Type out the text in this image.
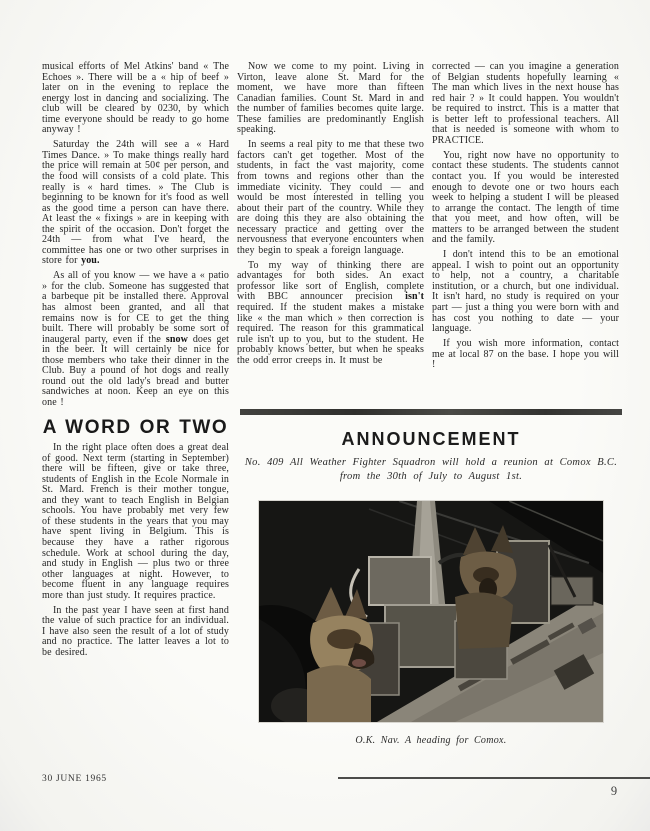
musical efforts of Mel Atkins' band « The Echoes ». There will be a « hip of beef » later on in the evening to replace the energy lost in dancing and socializing. The club will be cleared by 0230, by which time everyone should be ready to go home anyway !

Saturday the 24th will see a « Hard Times Dance. » To make things really hard the price will remain at 50¢ per person, and the food will consists of a cold plate. This really is « hard times. » The Club is beginning to be known for it's food as well as the good time a person can have there. At least the « fixings » are in keeping with the spirit of the occasion. Don't forget the 24th — from what I've heard, the committee has one or two other surprises in store for you.

As all of you know — we have a « patio » for the club. Someone has suggested that a barbeque pit be installed there. Approval has almost been granted, and all that remains now is for CE to get the thing built. There will probably be some sort of inaugeral party, even if the snow does get in the beer. It will certainly be nice for those members who take their dinner in the Club. Buy a pound of hot dogs and really round out the old lady's bread and butter sandwiches at noon. Keep an eye on this one !

A WORD OR TWO

In the right place often does a great deal of good. Next term (starting in September) there will be fifteen, give or take three, students of English in the Ecole Normale in St. Mard. French is their mother tongue, and they want to teach English in Belgian schools. You have probably met very few of these students in the years that you may have spent living in Belgium. This is because they have a rather rigorous schedule. Work at school during the day, and study in English — plus two or three other languages at night. However, to become fluent in any language requires more than just study. It requires practice.

In the past year I have seen at first hand the value of such practice for an individual. I have also seen the result of a lot of study and no practice. The latter leaves a lot to be desired.

Now we come to my point. Living in Virton, leave alone St. Mard for the moment, we have more than fifteen Canadian families. Count St. Mard in and the number of families becomes quite large. These families are predominantly English speaking.

In seems a real pity to me that these two factors can't get together. Most of the students, in fact the vast majority, come from towns and regions other than the immediate vicinity. They could — and would be most interested in telling you about their part of the country. While they are doing this they are also obtaining the necessary practice and getting over the nervousness that everyone encounters when they begin to speak a foreign language.

To my way of thinking there are advantages for both sides. An exact professor like sort of English, complete with BBC announcer precision isn't required. If the student makes a mistake like « the man which » then correction is required. The reason for this grammatical rule isn't up to you, but to the student. He probably knows better, but when he speaks the odd error creeps in. It must be

corrected — can you imagine a generation of Belgian students hopefully learning « The man which lives in the next house has red hair ? » It could happen. You wouldn't be required to instrct. This is a matter that is better left to professional teachers. All that is needed is someone with whom to PRACTICE.

You, right now have no opportunity to contact these students. The students cannot contact you. If you would be interested enough to devote one or two hours each week to helping a student I will be pleased to arrange the contact. The length of time that you meet, and how often, will be matters to be arranged between the student and the family.

I don't intend this to be an emotional appeal. I wish to point out an opportunity to help, not a country, a charitable institution, or a church, but one individual. It isn't hard, no study is required on your part — just a thing you were born with and has cost you nothing to date — your language.

If you wish more information, contact me at local 87 on the base. I hope you will !

ANNOUNCEMENT
No. 409 All Weather Fighter Squadron will hold a reunion at Comox B.C. from the 30th of July to August 1st.
O.K. Nav. A heading for Comox.
30 JUNE 1965
9
